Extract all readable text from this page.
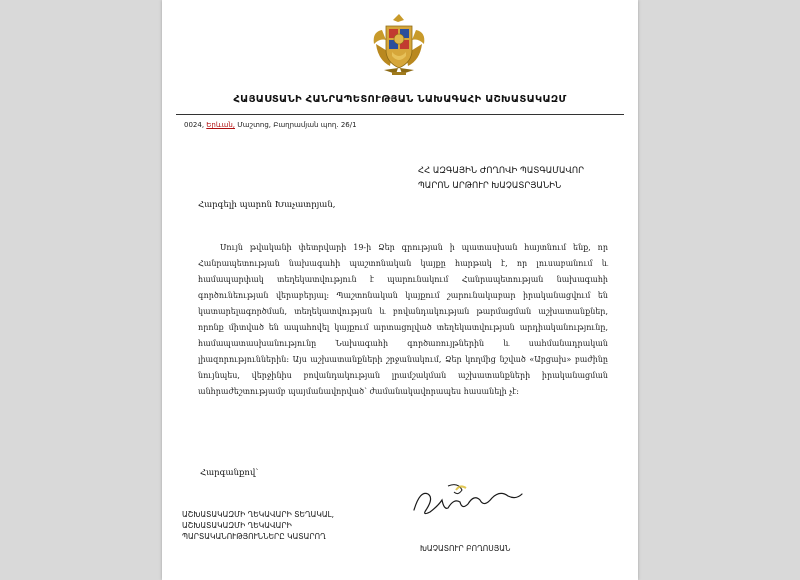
ՀԱՅԱՍՏԱՆԻ ՀԱՆՐԱՊԵՏՈՒԹՅԱՆ ՆԱԽԱԳԱՀԻ ԱՇԽԱՏԱԿԱԶՄ
0024, Երևան, Մաշտոց, Բաղրամյան պող. 26/1
ՀՀ ԱԶԳԱՅԻՆ ԺՈՂՈՎԻ ՊԱՏԳԱՄԱՎՈՐ
ՊԱՐՈՆ ԱՐԹՈՒՐ ԽԱՉԱՏՐՅԱՆԻՆ
Հարգելի պարոն Խաչատրյան,
Սույն թվականի փետրվարի 19-ի Ձեր գրության ի պատասխան հայտնում ենք, որ Հանրապետության նախագահի պաշտոնական կայքը հարթակ է, որ լուսաբանում և համապարփակ տեղեկատվություն է պարունակում Հանրապետության նախագահի գործունեության վերաբերյալ: Պաշտոնական կայքում շարունակաբար իրականացվում են կատարելագործման, տեղեկատվության և բովանդակության թարմացման աշխատանքներ, որոնք միտված են ապահովել կայքում արտացոլված տեղեկատվության արդիականությունը, համապատասխանությունը Նախագահի գործառույթներին և սահմանադրական լիազորություններին: Այս աշխատանքների շրջանակում, Ձեր կողմից նշված «Արցախ» բաժինը նույնպես, վերջինիս բովանդակության լրամշակման աշխատանքների իրականացման անհրաժեշտությամբ պայմանավորված՝ ժամանակավորապես հասանելի չէ:
Հարգանքով՝
ԱՇԽԱՏԱԿԱԶՄԻ ՂԵԿԱՎԱՐԻ ՏԵՂԱԿԱԼ,
ԱՇԽԱՏԱԿԱԶՄԻ ՂԵԿԱՎԱՐԻ
ՊԱՐՏԱԿԱՆՈՒԹՅՈՒՆՆԵՐԸ ԿԱՏԱՐՈՂ
ԽԱՉԱՏՈՒՐ ԲՈՂՈՍՅԱՆ
